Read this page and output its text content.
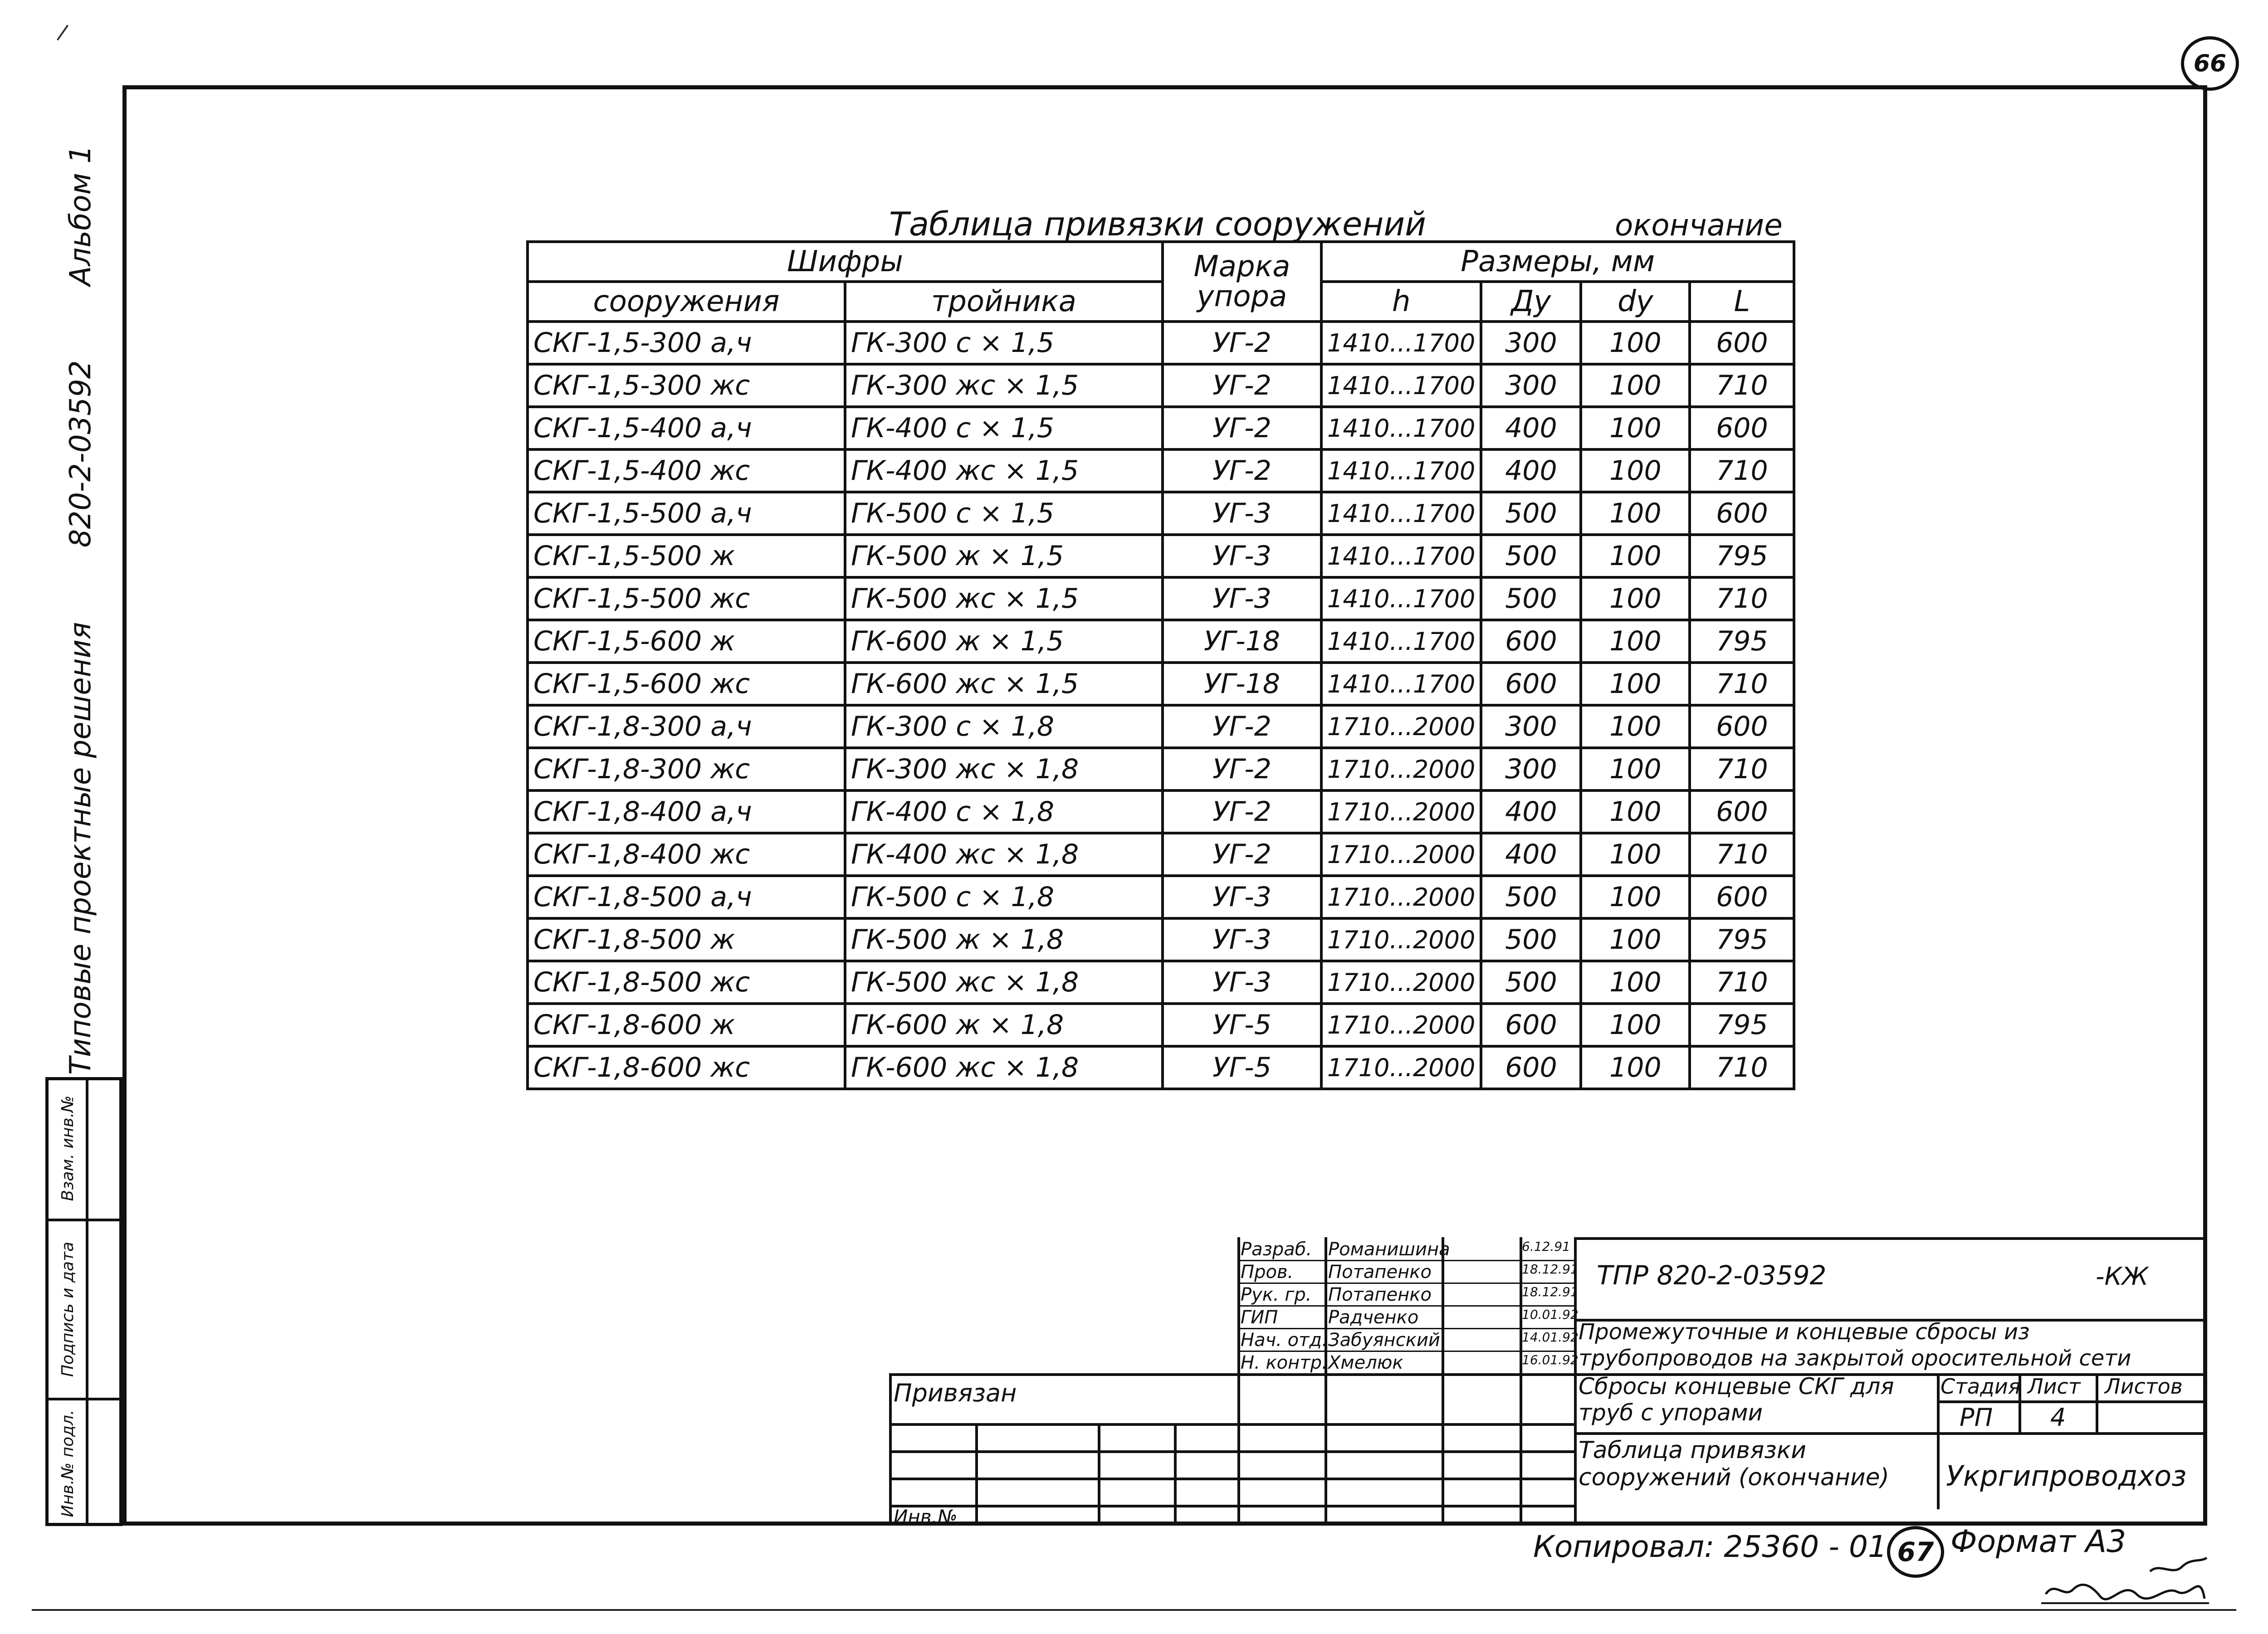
66
Типовые проектные решения
820-2-03592
Альбом 1
Инв.№ подл.
Подпись и дата
Взам. инв.№
Таблица привязки сооружений	окончание
Шифры		Марка упора	Размеры, мм			
сооружения	тройника		h	Ду	dу	L
СКГ-1,5-300 а,ч	ГК-300 с × 1,5	УГ-2	1410...1700	300	100	600
СКГ-1,5-300 жс	ГК-300 жс × 1,5	УГ-2	1410...1700	300	100	710
СКГ-1,5-400 а,ч	ГК-400 с × 1,5	УГ-2	1410...1700	400	100	600
СКГ-1,5-400 жс	ГК-400 жс × 1,5	УГ-2	1410...1700	400	100	710
СКГ-1,5-500 а,ч	ГК-500 с × 1,5	УГ-3	1410...1700	500	100	600
СКГ-1,5-500 ж	ГК-500 ж × 1,5	УГ-3	1410...1700	500	100	795
СКГ-1,5-500 жс	ГК-500 жс × 1,5	УГ-3	1410...1700	500	100	710
СКГ-1,5-600 ж	ГК-600 ж × 1,5	УГ-18	1410...1700	600	100	795
СКГ-1,5-600 жс	ГК-600 жс × 1,5	УГ-18	1410...1700	600	100	710
СКГ-1,8-300 а,ч	ГК-300 с × 1,8	УГ-2	1710...2000	300	100	600
СКГ-1,8-300 жс	ГК-300 жс × 1,8	УГ-2	1710...2000	300	100	710
СКГ-1,8-400 а,ч	ГК-400 с × 1,8	УГ-2	1710...2000	400	100	600
СКГ-1,8-400 жс	ГК-400 жс × 1,8	УГ-2	1710...2000	400	100	710
СКГ-1,8-500 а,ч	ГК-500 с × 1,8	УГ-3	1710...2000	500	100	600
СКГ-1,8-500 ж	ГК-500 ж × 1,8	УГ-3	1710...2000	500	100	795
СКГ-1,8-500 жс	ГК-500 жс × 1,8	УГ-3	1710...2000	500	100	710
СКГ-1,8-600 ж	ГК-600 ж × 1,8	УГ-5	1710...2000	600	100	795
СКГ-1,8-600 жс	ГК-600 жс × 1,8	УГ-5	1710...2000	600	100	710
Привязан
Инв.№
Разраб. Романишина	6.12.91
Пров. Потапенко	18.12.91
Рук. гр. Потапенко	18.12.91
ГИП	Радченко	10.01.92
Нач. отд. Забуянский	14.01.92
Н. контр. Хмелюк	16.01.92
ТПР 820-2-03592	-КЖ
Промежуточные и концевые сбросы из трубопроводов на закрытой оросительной сети
Сбросы концевые СКГ для труб с упорами
Стадия Лист Листов
РП 4
Таблица привязки сооружений (окончание)	Укргипроводхоз
Копировал: 25360 - 01 67 Формат А3
